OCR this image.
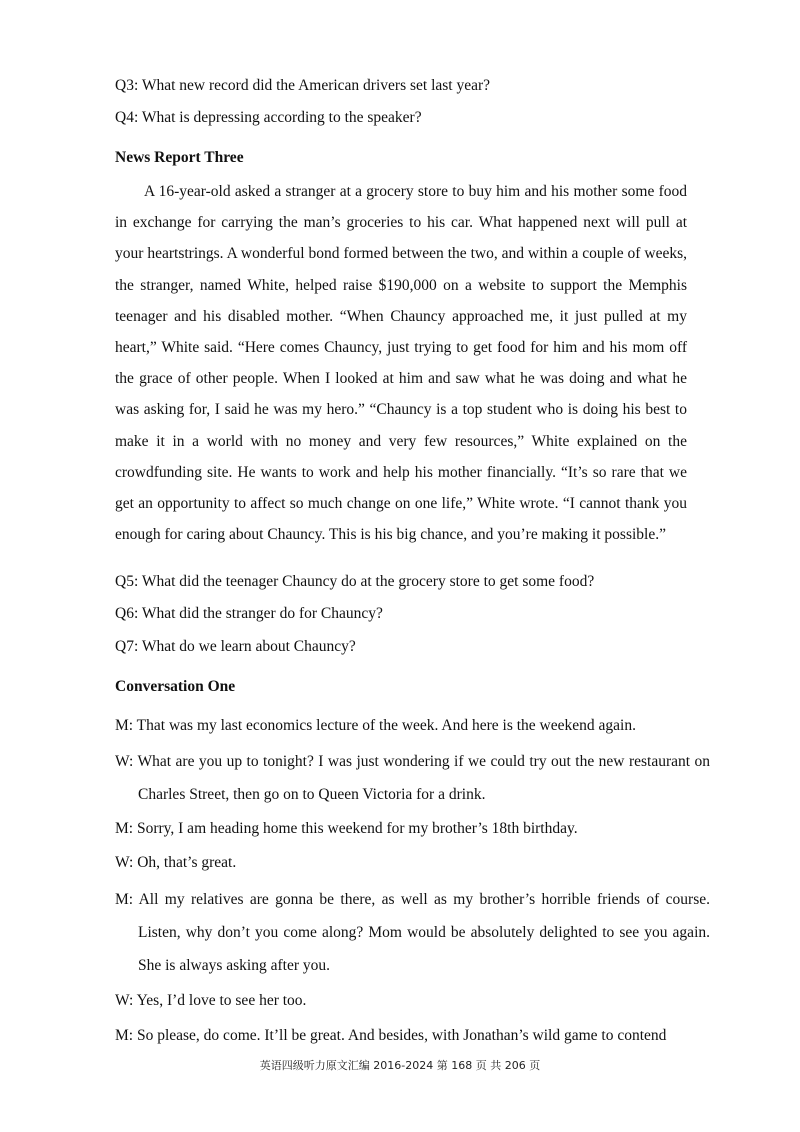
Q3: What new record did the American drivers set last year?

Q4: What is depressing according to the speaker?

News Report Three

A 16-year-old asked a stranger at a grocery store to buy him and his mother some food in exchange for carrying the man’s groceries to his car. What happened next will pull at your heartstrings. A wonderful bond formed between the two, and within a couple of weeks, the stranger, named White, helped raise $190,000 on a website to support the Memphis teenager and his disabled mother. “When Chauncy approached me, it just pulled at my heart,” White said. “Here comes Chauncy, just trying to get food for him and his mom off the grace of other people. When I looked at him and saw what he was doing and what he was asking for, I said he was my hero.” “Chauncy is a top student who is doing his best to make it in a world with no money and very few resources,” White explained on the crowdfunding site. He wants to work and help his mother financially. “It’s so rare that we get an opportunity to affect so much change on one life,” White wrote. “I cannot thank you enough for caring about Chauncy. This is his big chance, and you’re making it possible.”

Q5: What did the teenager Chauncy do at the grocery store to get some food?

Q6: What did the stranger do for Chauncy?

Q7: What do we learn about Chauncy?

Conversation One

M: That was my last economics lecture of the week. And here is the weekend again.

W: What are you up to tonight? I was just wondering if we could try out the new restaurant on Charles Street, then go on to Queen Victoria for a drink.

M: Sorry, I am heading home this weekend for my brother’s 18th birthday.

W: Oh, that’s great.

M: All my relatives are gonna be there, as well as my brother’s horrible friends of course. Listen, why don’t you come along? Mom would be absolutely delighted to see you again. She is always asking after you.

W: Yes, I’d love to see her too.

M: So please, do come. It’ll be great. And besides, with Jonathan’s wild game to contend

英语四级听力原文汇编 2016-2024 第 168 页 共 206 页
